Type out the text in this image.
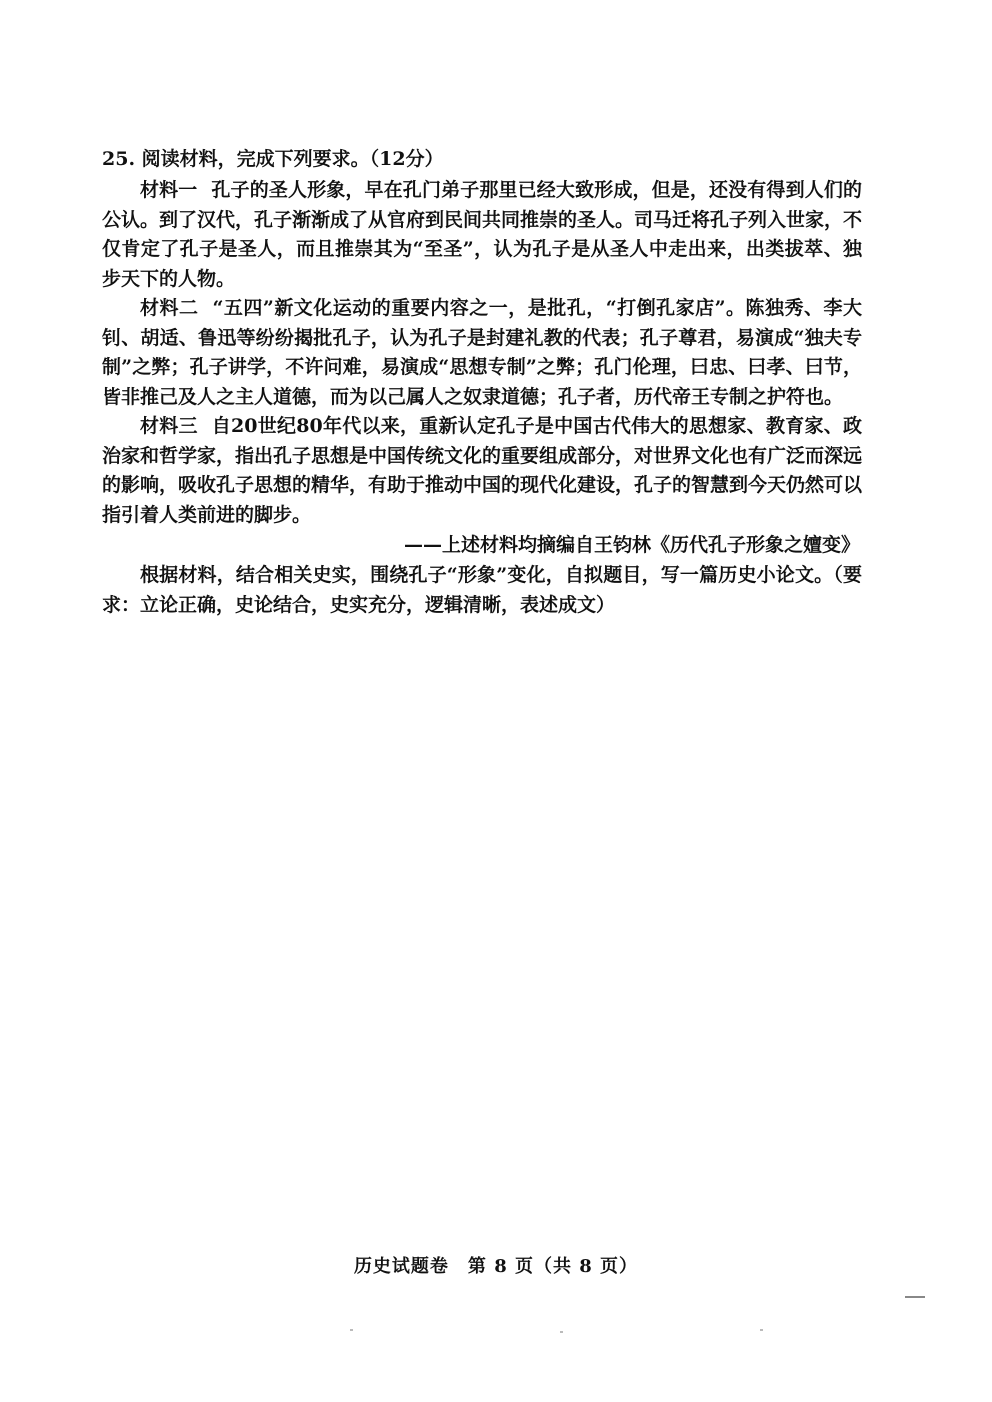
25. 阅读材料，完成下列要求。（12分）

材料一 孔子的圣人形象，早在孔门弟子那里已经大致形成，但是，还没有得到人们的公认。到了汉代，孔子渐渐成了从官府到民间共同推崇的圣人。司马迁将孔子列入世家，不仅肯定了孔子是圣人，而且推崇其为“至圣”，认为孔子是从圣人中走出来，出类拔萃、独步天下的人物。

材料二 “五四”新文化运动的重要内容之一，是批孔，“打倒孔家店”。陈独秀、李大钊、胡适、鲁迅等纷纷揭批孔子，认为孔子是封建礼教的代表；孔子尊君，易演成“独夫专制”之弊；孔子讲学，不许问难，易演成“思想专制”之弊；孔门伦理，曰忠、曰孝、曰节，皆非推己及人之主人道德，而为以己属人之奴隶道德；孔子者，历代帝王专制之护符也。

材料三 自20世纪80年代以来，重新认定孔子是中国古代伟大的思想家、教育家、政治家和哲学家，指出孔子思想是中国传统文化的重要组成部分，对世界文化也有广泛而深远的影响，吸收孔子思想的精华，有助于推动中国的现代化建设，孔子的智慧到今天仍然可以指引着人类前进的脚步。

——上述材料均摘编自王钧林《历代孔子形象之嬗变》

根据材料，结合相关史实，围绕孔子“形象”变化，自拟题目，写一篇历史小论文。（要求：立论正确，史论结合，史实充分，逻辑清晰，表述成文）

历史试题卷　第 8 页（共 8 页）
